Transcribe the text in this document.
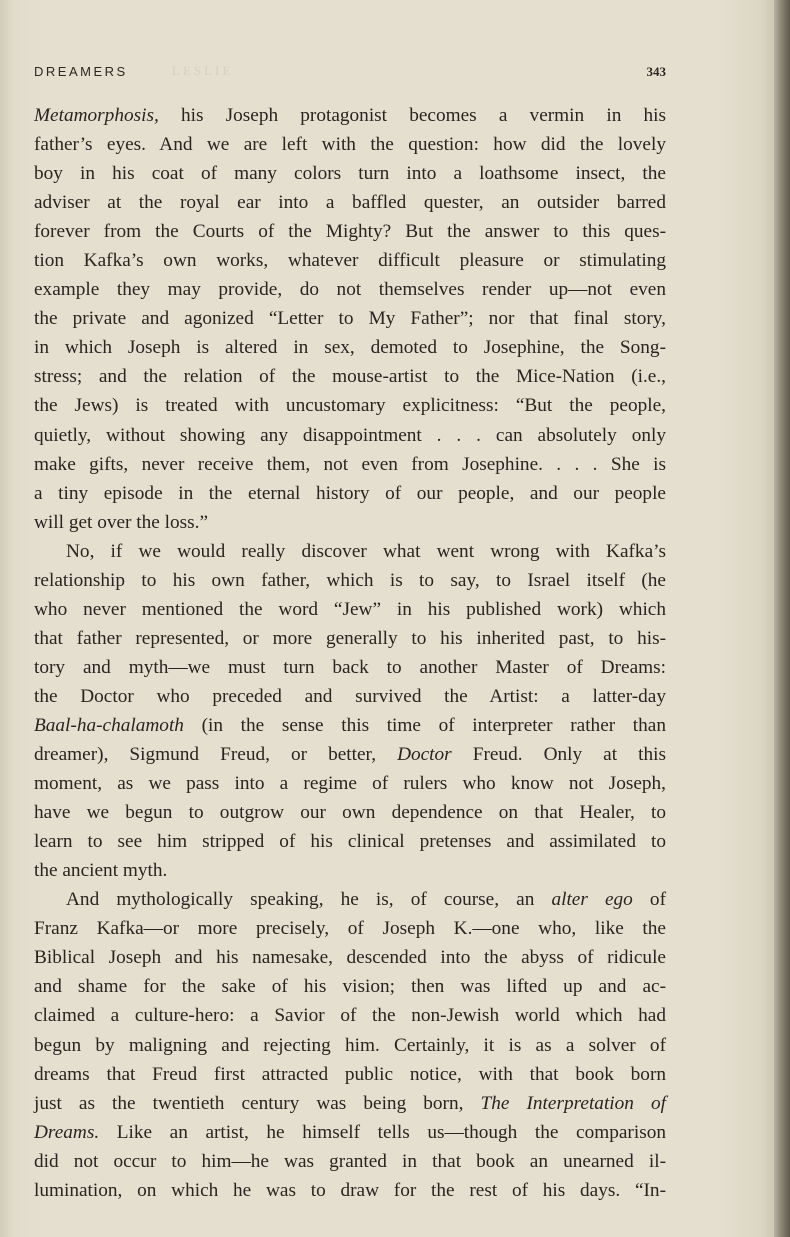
LESLIE
DREAMERS	343
Metamorphosis, his Joseph protagonist becomes a vermin in his
father’s eyes. And we are left with the question: how did the lovely
boy in his coat of many colors turn into a loathsome insect, the
adviser at the royal ear into a baffled quester, an outsider barred
forever from the Courts of the Mighty? But the answer to this ques-
tion Kafka’s own works, whatever difficult pleasure or stimulating
example they may provide, do not themselves render up—not even
the private and agonized “Letter to My Father”; nor that final story,
in which Joseph is altered in sex, demoted to Josephine, the Song-
stress; and the relation of the mouse-artist to the Mice-Nation (i.e.,
the Jews) is treated with uncustomary explicitness: “But the people,
quietly, without showing any disappointment . . . can absolutely only
make gifts, never receive them, not even from Josephine. . . . She is
a tiny episode in the eternal history of our people, and our people
will get over the loss.”
No, if we would really discover what went wrong with Kafka’s
relationship to his own father, which is to say, to Israel itself (he
who never mentioned the word “Jew” in his published work) which
that father represented, or more generally to his inherited past, to his-
tory and myth—we must turn back to another Master of Dreams:
the Doctor who preceded and survived the Artist: a latter-day
Baal-ha-chalamoth (in the sense this time of interpreter rather than
dreamer), Sigmund Freud, or better, Doctor Freud. Only at this
moment, as we pass into a regime of rulers who know not Joseph,
have we begun to outgrow our own dependence on that Healer, to
learn to see him stripped of his clinical pretenses and assimilated to
the ancient myth.
And mythologically speaking, he is, of course, an alter ego of
Franz Kafka—or more precisely, of Joseph K.—one who, like the
Biblical Joseph and his namesake, descended into the abyss of ridicule
and shame for the sake of his vision; then was lifted up and ac-
claimed a culture-hero: a Savior of the non-Jewish world which had
begun by maligning and rejecting him. Certainly, it is as a solver of
dreams that Freud first attracted public notice, with that book born
just as the twentieth century was being born, The Interpretation of
Dreams. Like an artist, he himself tells us—though the comparison
did not occur to him—he was granted in that book an unearned il-
lumination, on which he was to draw for the rest of his days. “In-
